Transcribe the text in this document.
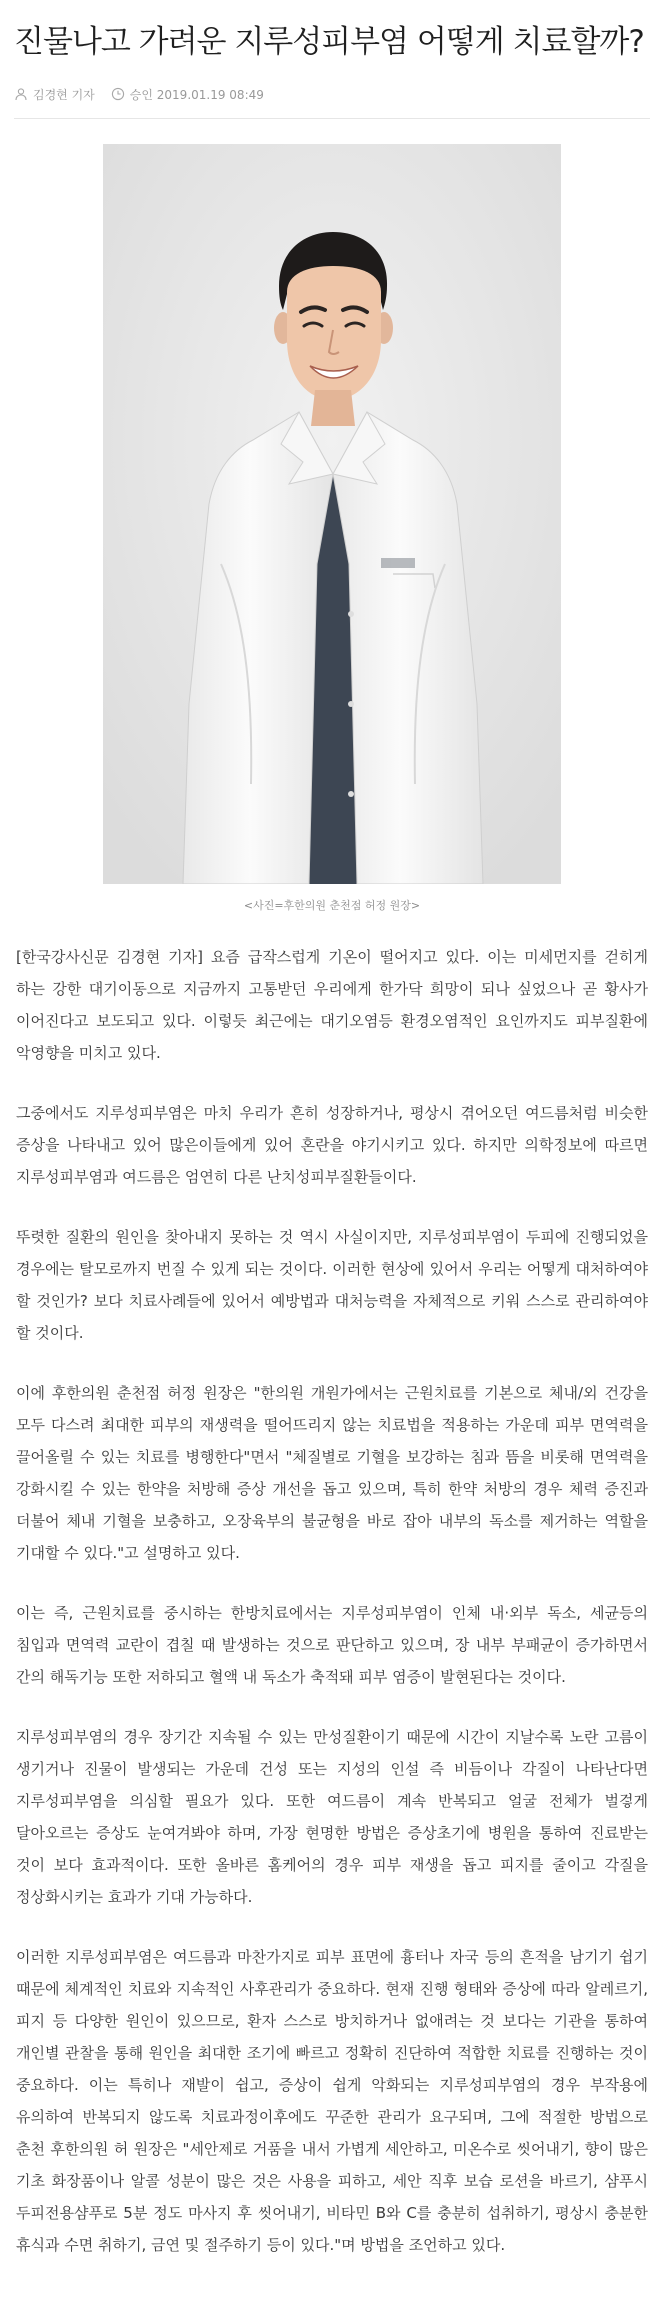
진물나고 가려운 지루성피부염 어떻게 치료할까?
김경현 기자	승인 2019.01.19 08:49
<사진=후한의원 춘천점 허정 원장>

[한국강사신문 김경현 기자] 요즘 급작스럽게 기온이 떨어지고 있다. 이는 미세먼지를 걷히게 하는 강한 대기이동으로 지금까지 고통받던 우리에게 한가닥 희망이 되나 싶었으나 곧 황사가 이어진다고 보도되고 있다. 이렇듯 최근에는 대기오염등 환경오염적인 요인까지도 피부질환에 악영향을 미치고 있다.

그중에서도 지루성피부염은 마치 우리가 흔히 성장하거나, 평상시 겪어오던 여드름처럼 비슷한 증상을 나타내고 있어 많은이들에게 있어 혼란을 야기시키고 있다. 하지만 의학정보에 따르면 지루성피부염과 여드름은 엄연히 다른 난치성피부질환들이다.

뚜렷한 질환의 원인을 찾아내지 못하는 것 역시 사실이지만, 지루성피부염이 두피에 진행되었을 경우에는 탈모로까지 번질 수 있게 되는 것이다. 이러한 현상에 있어서 우리는 어떻게 대처하여야 할 것인가? 보다 치료사례들에 있어서 예방법과 대처능력을 자체적으로 키워 스스로 관리하여야 할 것이다.

이에 후한의원 춘천점 허정 원장은 "한의원 개원가에서는 근원치료를 기본으로 체내/외 건강을 모두 다스려 최대한 피부의 재생력을 떨어뜨리지 않는 치료법을 적용하는 가운데 피부 면역력을 끌어올릴 수 있는 치료를 병행한다"면서 "체질별로 기혈을 보강하는 침과 뜸을 비롯해 면역력을 강화시킬 수 있는 한약을 처방해 증상 개선을 돕고 있으며, 특히 한약 처방의 경우 체력 증진과 더불어 체내 기혈을 보충하고, 오장육부의 불균형을 바로 잡아 내부의 독소를 제거하는 역할을 기대할 수 있다."고 설명하고 있다.

이는 즉, 근원치료를 중시하는 한방치료에서는 지루성피부염이 인체 내·외부 독소, 세균등의 침입과 면역력 교란이 겹칠 때 발생하는 것으로 판단하고 있으며, 장 내부 부패균이 증가하면서 간의 해독기능 또한 저하되고 혈액 내 독소가 축적돼 피부 염증이 발현된다는 것이다.

지루성피부염의 경우 장기간 지속될 수 있는 만성질환이기 때문에 시간이 지날수록 노란 고름이 생기거나 진물이 발생되는 가운데 건성 또는 지성의 인설 즉 비듬이나 각질이 나타난다면 지루성피부염을 의심할 필요가 있다. 또한 여드름이 계속 반복되고 얼굴 전체가 벌겋게 달아오르는 증상도 눈여겨봐야 하며, 가장 현명한 방법은 증상초기에 병원을 통하여 진료받는 것이 보다 효과적이다. 또한 올바른 홈케어의 경우 피부 재생을 돕고 피지를 줄이고 각질을 정상화시키는 효과가 기대 가능하다.

이러한 지루성피부염은 여드름과 마찬가지로 피부 표면에 흉터나 자국 등의 흔적을 남기기 쉽기 때문에 체계적인 치료와 지속적인 사후관리가 중요하다. 현재 진행 형태와 증상에 따라 알레르기, 피지 등 다양한 원인이 있으므로, 환자 스스로 방치하거나 없애려는 것 보다는 기관을 통하여 개인별 관찰을 통해 원인을 최대한 조기에 빠르고 정확히 진단하여 적합한 치료를 진행하는 것이 중요하다. 이는 특히나 재발이 쉽고, 증상이 쉽게 악화되는 지루성피부염의 경우 부작용에 유의하여 반복되지 않도록 치료과정이후에도 꾸준한 관리가 요구되며, 그에 적절한 방법으로 춘천 후한의원 허 원장은 "세안제로 거품을 내서 가볍게 세안하고, 미온수로 씻어내기, 향이 많은 기초 화장품이나 알콜 성분이 많은 것은 사용을 피하고, 세안 직후 보습 로션을 바르기, 샴푸시 두피전용샴푸로 5분 정도 마사지 후 씻어내기, 비타민 B와 C를 충분히 섭취하기, 평상시 충분한 휴식과 수면 취하기, 금연 및 절주하기 등이 있다."며 방법을 조언하고 있다.
